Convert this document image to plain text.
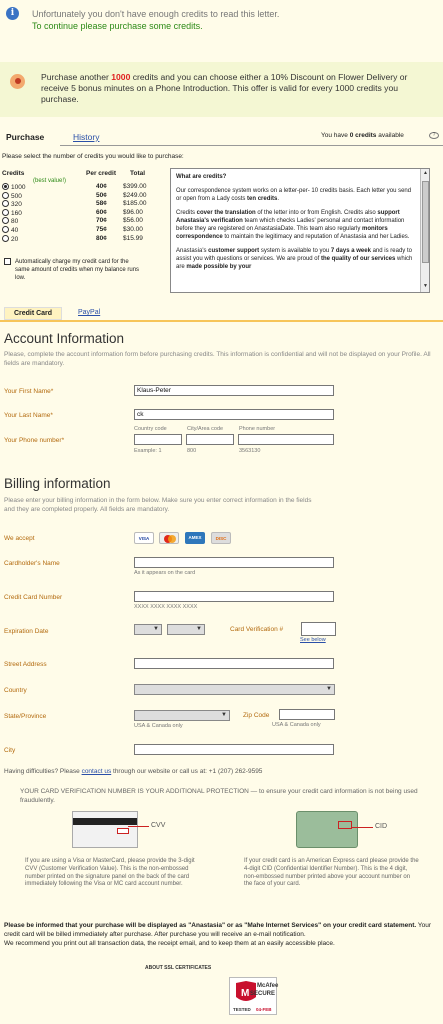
i	Unfortunately you don't have enough credits to read this letter.
To continue please purchase some credits.
Purchase another 1000 credits and you can choose either a 10% Discount on Flower Delivery or receive 5 bonus minutes on a Phone Introduction. This offer is valid for every 1000 credits you purchase.
Purchase	History	You have 0 credits available	?
Please select the number of credits you would like to purchase:
Credits	Per credit Total
(best value!)
1000	40¢ $399.00
500	50¢ $249.00
320	58¢ $185.00
160	60¢ $96.00
80	70¢ $56.00
40	75¢ $30.00
20	80¢ $15.99
Automatically charge my credit card for the same amount of credits when my balance runs low.

What are credits?

Our correspondence system works on a letter-per- 10 credits basis. Each letter you send or open from a Lady costs ten credits.

Credits cover the translation of the letter into or from English. Credits also support Anastasia's verification team which checks Ladies' personal and contact information before they are registered on AnastasiaDate. This team also regularly monitors correspondence to maintain the legitimacy and reputation of Anastasia and her Ladies.

Anastasia's customer support system is available to you 7 days a week and is ready to assist you with questions or services. We are proud of the quality of our services which are made possible by your

▲
▼
Credit Card	PayPal
Account Information
Please, complete the account information form before purchasing credits. This information is confidential and will not be displayed on your Profile. All fields are mandatory.
Your First Name*	Klaus-Peter
Your Last Name*	ck
Country code	City/Area code	Phone number
Your Phone number*
Example: 1	800	3563130
Billing information
Please enter your billing information in the form below. Make sure you enter correct information in the fields and they are completed properly. All fields are mandatory.
We accept	VISA	AMEX	DISC
Cardholder's Name
As it appears on the card
Credit Card Number
XXXX XXXX XXXX XXXX
Expiration Date ▼ ▼	Card Verification #
See below
Street Address
Country
▼
State/Province
▼
USA & Canada only
Zip Code
USA & Canada only
City
Having difficulties? Please contact us through our website or call us at: +1 (207) 262-9595
YOUR CARD VERIFICATION NUMBER IS YOUR ADDITIONAL PROTECTION — to ensure your credit card information is not being used fraudulently.
CVV	CID
If you are using a Visa or MasterCard, please provide the 3-digit CVV (Customer Verification Value). This is the non-embossed number printed on the signature panel on the back of the card immediately following the Visa or MC card account number.
If your credit card is an American Express card please provide the 4-digit CID (Confidential Identifier Number). This is the 4 digit, non-embossed number printed above your account number on the face of your card.
Please be informed that your purchase will be displayed as "Anastasia" or as "Mahe Internet Services" on your credit card statement. Your credit card will be billed immediately after purchase. After purchase you will receive an e-mail notification.
We recommend you print out all transaction data, the receipt email, and to keep them at an easily accessible place.
ABOUT SSL CERTIFICATES
M
McAfee
SECURE
TESTED 04-FEB
